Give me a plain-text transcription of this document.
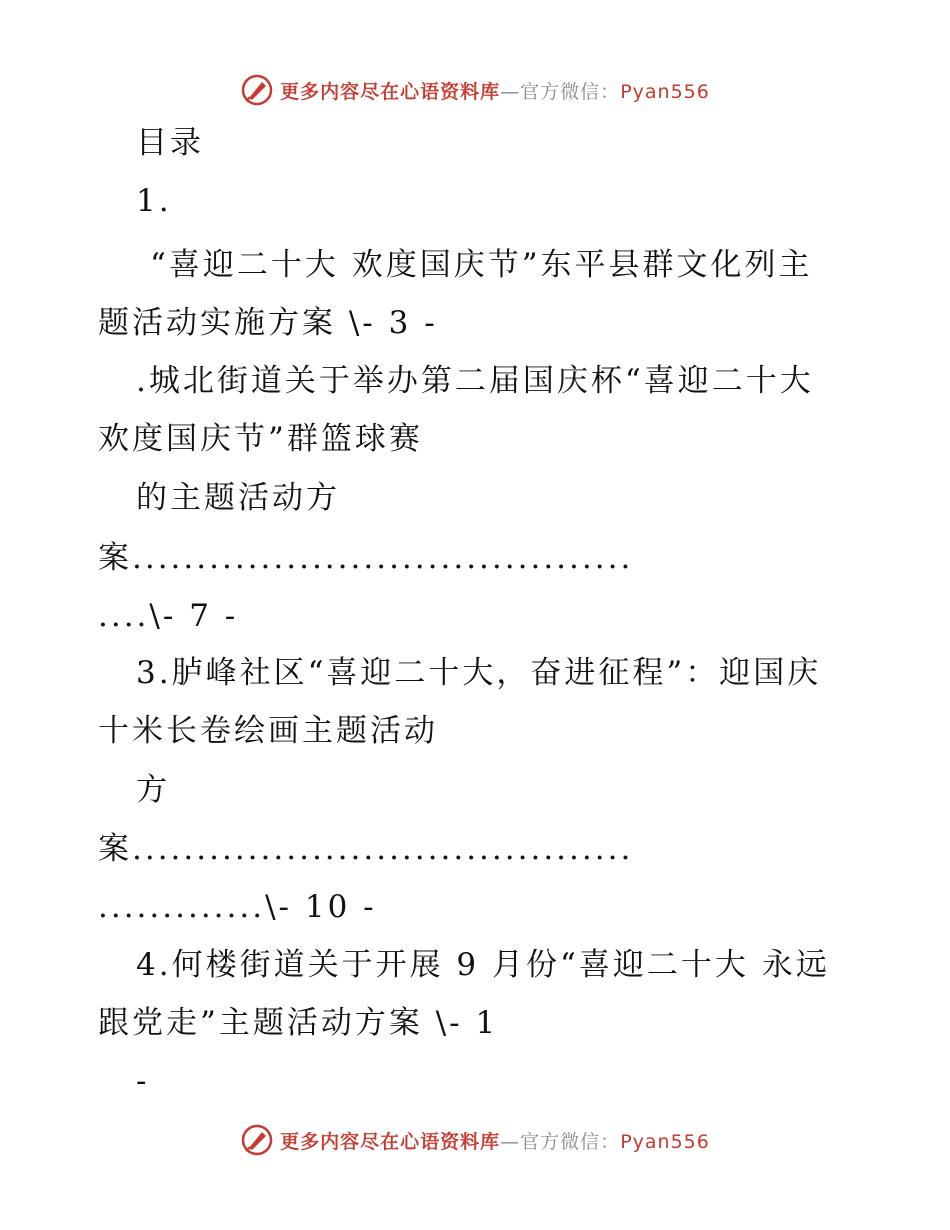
更多内容尽在心语资料库—官方微信：Pyan556
目录
1.
“喜迎二十大 欢度国庆节”东平县群文化列主
题活动实施方案 \- 3 -
.城北街道关于举办第二届国庆杯“喜迎二十大
欢度国庆节”群篮球赛
的主题活动方
案.......................................
....\- 7 -
3.胪峰社区“喜迎二十大，奋进征程”：迎国庆
十米长卷绘画主题活动
方
案.......................................
.............\- 10 -
4.何楼街道关于开展 9 月份“喜迎二十大 永远
跟党走”主题活动方案 \- 1
-
更多内容尽在心语资料库—官方微信：Pyan556
